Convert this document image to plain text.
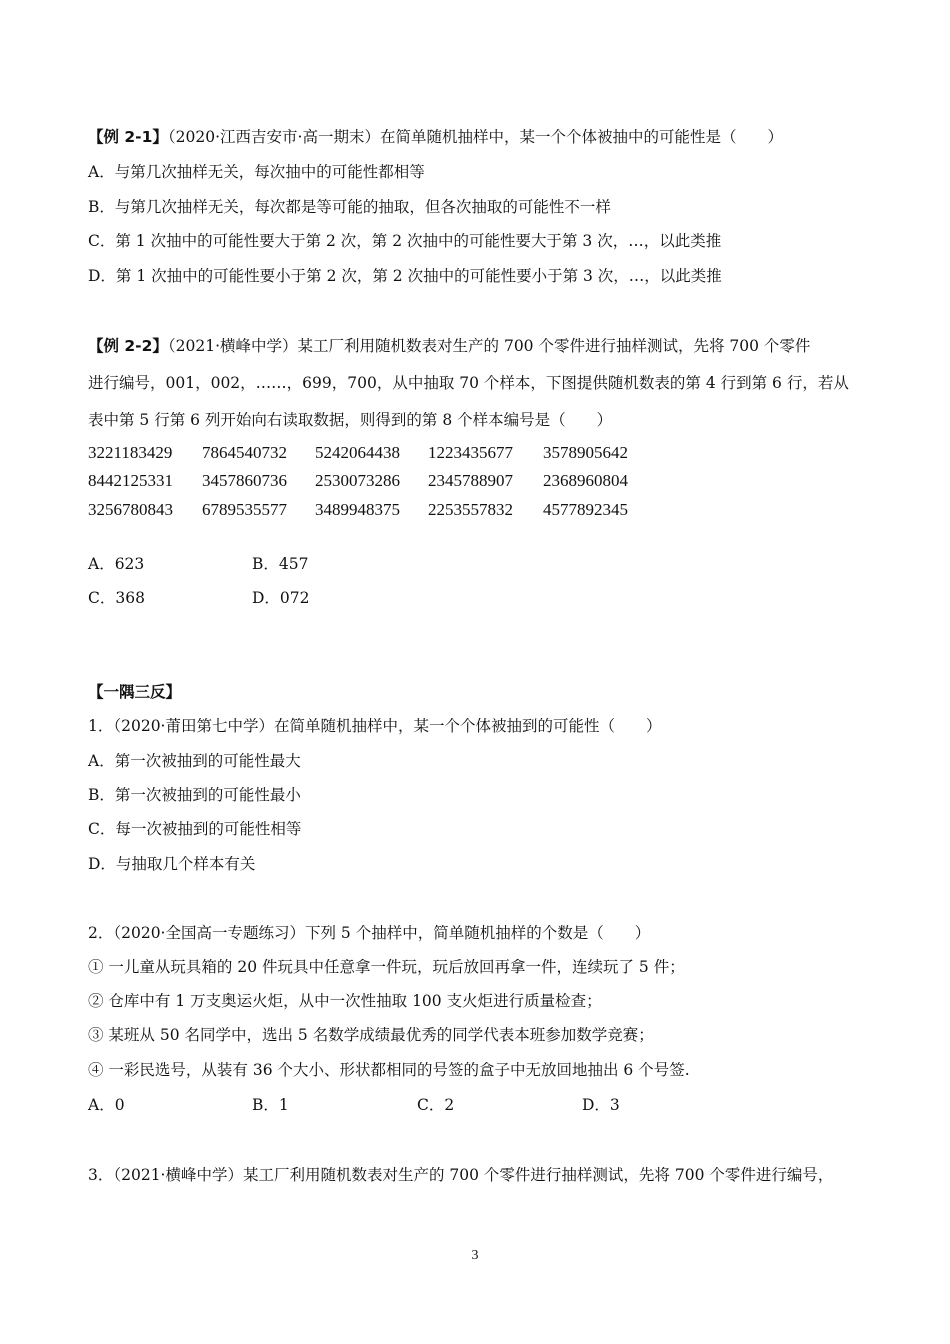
【例 2-1】（2020·江西吉安市·高一期末）在简单随机抽样中，某一个个体被抽中的可能性是（　　）
A．与第几次抽样无关，每次抽中的可能性都相等
B．与第几次抽样无关，每次都是等可能的抽取，但各次抽取的可能性不一样
C．第 1 次抽中的可能性要大于第 2 次，第 2 次抽中的可能性要大于第 3 次，…，以此类推
D．第 1 次抽中的可能性要小于第 2 次，第 2 次抽中的可能性要小于第 3 次，…，以此类推
【例 2-2】（2021·横峰中学）某工厂利用随机数表对生产的 700 个零件进行抽样测试，先将 700 个零件
进行编号，001，002，……，699，700，从中抽取 70 个样本，下图提供随机数表的第 4 行到第 6 行，若从
表中第 5 行第 6 列开始向右读取数据，则得到的第 8 个样本编号是（　　）
3221183429 7864540732 5242064438 1223435677 3578905642
8442125331 3457860736 2530073286 2345788907 2368960804
3256780843 6789535577 3489948375 2253557832 4577892345
A．623	B．457
C．368	D．072
【一隅三反】
1．（2020·莆田第七中学）在简单随机抽样中，某一个个体被抽到的可能性（　　）
A．第一次被抽到的可能性最大
B．第一次被抽到的可能性最小
C．每一次被抽到的可能性相等
D．与抽取几个样本有关
2．（2020·全国高一专题练习）下列 5 个抽样中，简单随机抽样的个数是（　　）
① 一儿童从玩具箱的 20 件玩具中任意拿一件玩，玩后放回再拿一件，连续玩了 5 件；
② 仓库中有 1 万支奥运火炬，从中一次性抽取 100 支火炬进行质量检查；
③ 某班从 50 名同学中，选出 5 名数学成绩最优秀的同学代表本班参加数学竞赛；
④ 一彩民选号，从装有 36 个大小、形状都相同的号签的盒子中无放回地抽出 6 个号签.
A．0	B．1	C．2	D．3
3．（2021·横峰中学）某工厂利用随机数表对生产的 700 个零件进行抽样测试，先将 700 个零件进行编号，
3
